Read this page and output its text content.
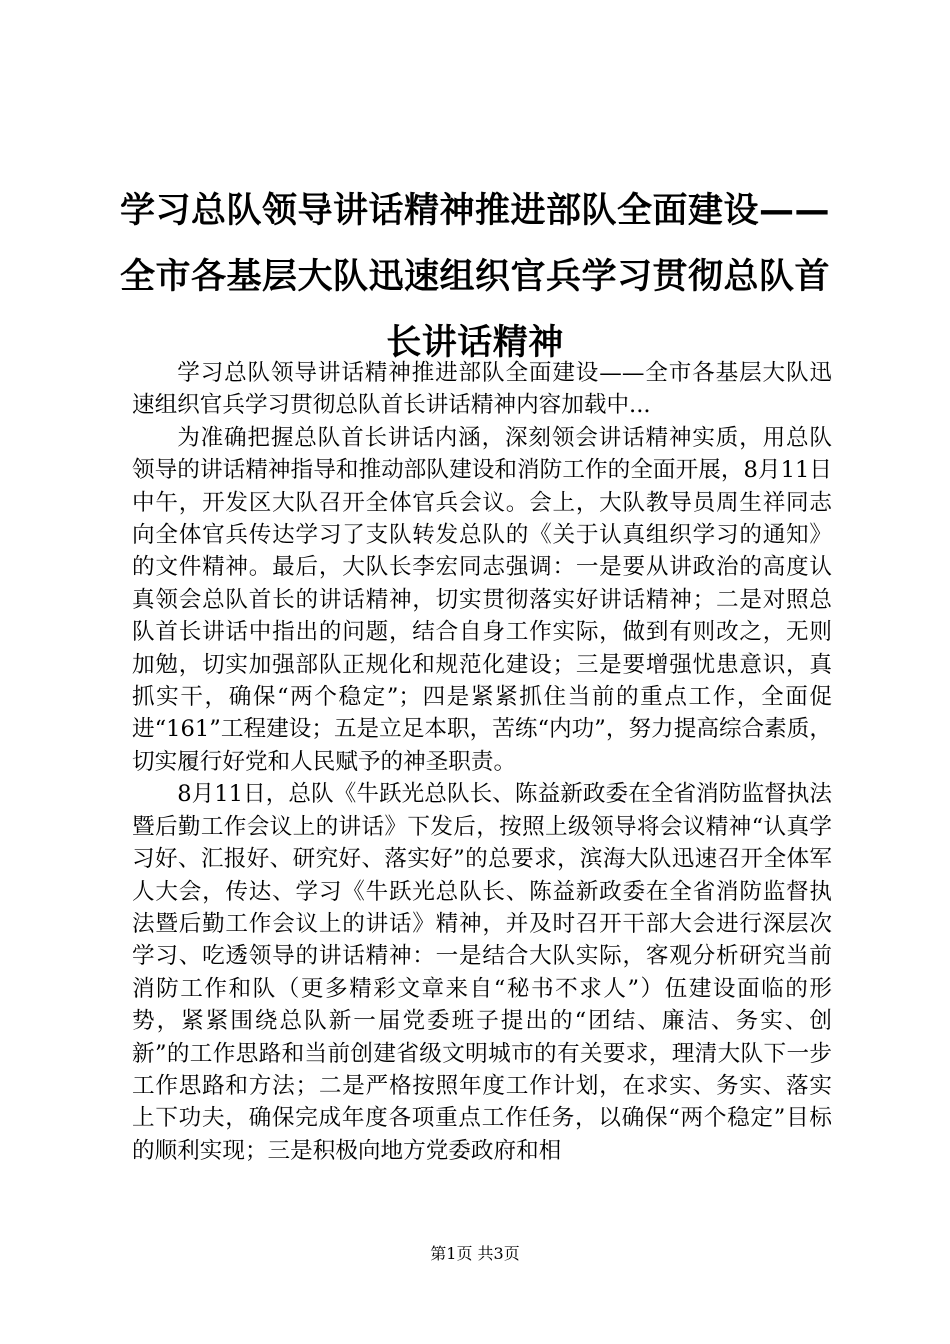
学习总队领导讲话精神推进部队全面建设——全市各基层大队迅速组织官兵学习贯彻总队首长讲话精神

学习总队领导讲话精神推进部队全面建设——全市各基层大队迅速组织官兵学习贯彻总队首长讲话精神内容加载中...

为准确把握总队首长讲话内涵，深刻领会讲话精神实质，用总队领导的讲话精神指导和推动部队建设和消防工作的全面开展，8月11日中午，开发区大队召开全体官兵会议。会上，大队教导员周生祥同志向全体官兵传达学习了支队转发总队的《关于认真组织学习的通知》的文件精神。最后，大队长李宏同志强调：一是要从讲政治的高度认真领会总队首长的讲话精神，切实贯彻落实好讲话精神；二是对照总队首长讲话中指出的问题，结合自身工作实际，做到有则改之，无则加勉，切实加强部队正规化和规范化建设；三是要增强忧患意识，真抓实干，确保“两个稳定”；四是紧紧抓住当前的重点工作，全面促进“161”工程建设；五是立足本职，苦练“内功”，努力提高综合素质，切实履行好党和人民赋予的神圣职责。

8月11日，总队《牛跃光总队长、陈益新政委在全省消防监督执法暨后勤工作会议上的讲话》下发后，按照上级领导将会议精神“认真学习好、汇报好、研究好、落实好”的总要求，滨海大队迅速召开全体军人大会，传达、学习《牛跃光总队长、陈益新政委在全省消防监督执法暨后勤工作会议上的讲话》精神，并及时召开干部大会进行深层次学习、吃透领导的讲话精神：一是结合大队实际，客观分析研究当前消防工作和队（更多精彩文章来自“秘书不求人”）伍建设面临的形势，紧紧围绕总队新一届党委班子提出的“团结、廉洁、务实、创新”的工作思路和当前创建省级文明城市的有关要求，理清大队下一步工作思路和方法；二是严格按照年度工作计划，在求实、务实、落实上下功夫，确保完成年度各项重点工作任务，以确保“两个稳定”目标的顺利实现；三是积极向地方党委政府和相

第1页 共3页
